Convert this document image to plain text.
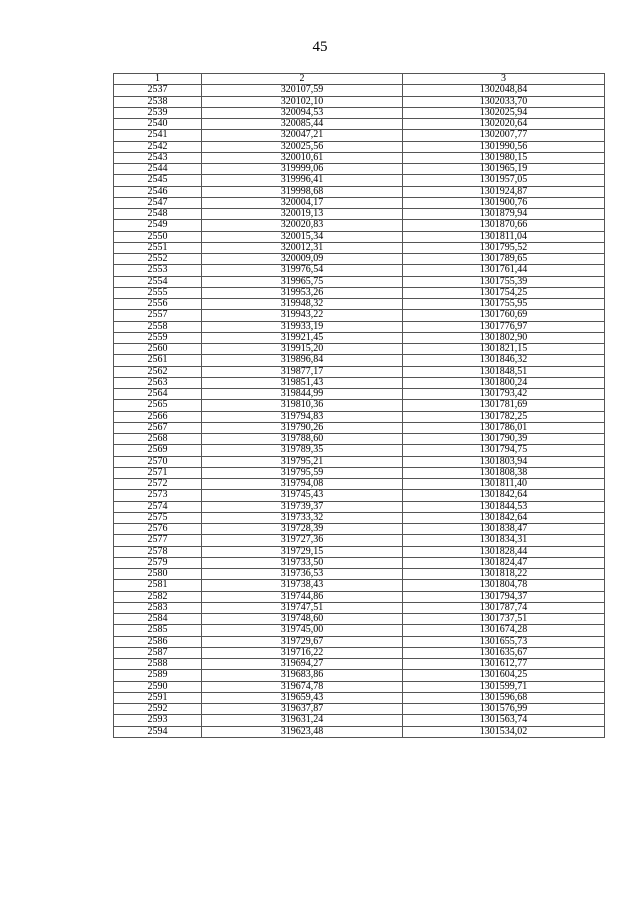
45
1	2	3
2537	320107,59	1302048,84
2538	320102,10	1302033,70
2539	320094,53	1302025,94
2540	320085,44	1302020,64
2541	320047,21	1302007,77
2542	320025,56	1301990,56
2543	320010,61	1301980,15
2544	319999,06	1301965,19
2545	319996,41	1301957,05
2546	319998,68	1301924,87
2547	320004,17	1301900,76
2548	320019,13	1301879,94
2549	320020,83	1301870,66
2550	320015,34	1301811,04
2551	320012,31	1301795,52
2552	320009,09	1301789,65
2553	319976,54	1301761,44
2554	319965,75	1301755,39
2555	319953,26	1301754,25
2556	319948,32	1301755,95
2557	319943,22	1301760,69
2558	319933,19	1301776,97
2559	319921,45	1301802,90
2560	319915,20	1301821,15
2561	319896,84	1301846,32
2562	319877,17	1301848,51
2563	319851,43	1301800,24
2564	319844,99	1301793,42
2565	319810,36	1301781,69
2566	319794,83	1301782,25
2567	319790,26	1301786,01
2568	319788,60	1301790,39
2569	319789,35	1301794,75
2570	319795,21	1301803,94
2571	319795,59	1301808,38
2572	319794,08	1301811,40
2573	319745,43	1301842,64
2574	319739,37	1301844,53
2575	319733,32	1301842,64
2576	319728,39	1301838,47
2577	319727,36	1301834,31
2578	319729,15	1301828,44
2579	319733,50	1301824,47
2580	319736,53	1301818,22
2581	319738,43	1301804,78
2582	319744,86	1301794,37
2583	319747,51	1301787,74
2584	319748,60	1301737,51
2585	319745,00	1301674,28
2586	319729,67	1301655,73
2587	319716,22	1301635,67
2588	319694,27	1301612,77
2589	319683,86	1301604,25
2590	319674,78	1301599,71
2591	319659,43	1301596,68
2592	319637,87	1301576,99
2593	319631,24	1301563,74
2594	319623,48	1301534,02
